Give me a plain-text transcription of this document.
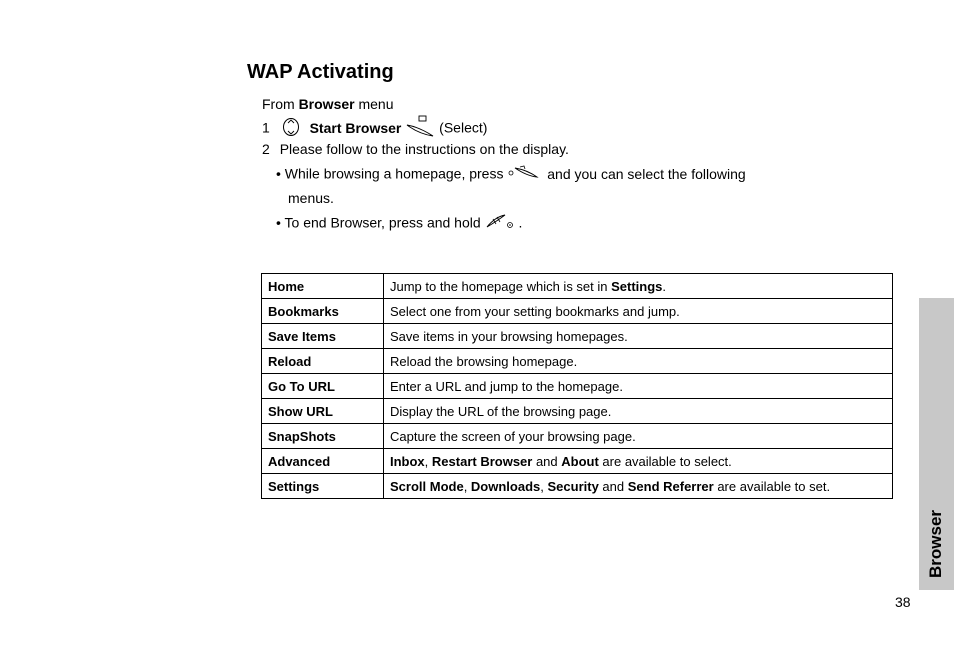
WAP Activating
From Browser menu
1	Start Browser	(Select)
2 Please follow to the instructions on the display.
• While browsing a homepage, press	and you can select the following
menus.
• To end Browser, press and hold	.
Home	Jump to the homepage which is set in Settings.
Bookmarks	Select one from your setting bookmarks and jump.
Save Items	Save items in your browsing homepages.
Reload	Reload the browsing homepage.
Go To URL	Enter a URL and jump to the homepage.
Show URL	Display the URL of the browsing page.
SnapShots	Capture the screen of your browsing page.
Advanced	Inbox, Restart Browser and About are available to select.
Settings	Scroll Mode, Downloads, Security and Send Referrer are available to set.
Browser
38
